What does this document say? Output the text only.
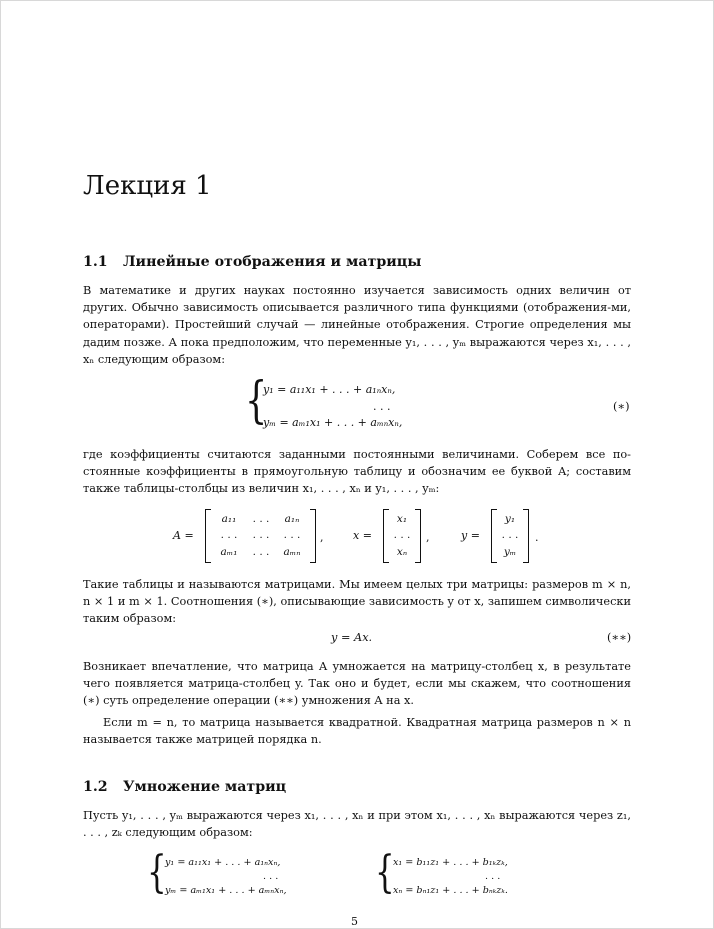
Лекция 1
1.1 Линейные отображения и матрицы

В математике и других науках постоянно изучается зависимость одних величин от других. Обычно зависимость описывается различного типа функциями (отображения-ми, операторами). Простейший случай — линейные отображения. Строгие определения мы дадим позже. А пока предположим, что переменные y₁, . . . , yₘ выражаются через x₁, . . . , xₙ следующим образом:

{
y₁ = a₁₁x₁ + . . . + a₁ₙxₙ,
. . .
yₘ = aₘ₁x₁ + . . . + aₘₙxₙ,
(∗)

где коэффициенты считаются заданными постоянными величинами. Соберем все по-стоянные коэффициенты в прямоугольную таблицу и обозначим ее буквой A; составим также таблицы-столбцы из величин x₁, . . . , xₙ и y₁, . . . , yₘ:

A =
a₁₁	. . .	a₁ₙ
. . .	. . .	. . .
aₘ₁	. . .	aₘₙ
,	x =
x₁
. . .
xₙ
,	y =
y₁
. . .
yₘ
.

Такие таблицы и называются матрицами. Мы имеем целых три матрицы: размеров m × n, n × 1 и m × 1. Соотношения (∗), описывающие зависимость y от x, запишем символически таким образом:

y = Ax.	(∗∗)

Возникает впечатление, что матрица A умножается на матрицу-столбец x, в результате чего появляется матрица-столбец y. Так оно и будет, если мы скажем, что соотношения (∗) суть определение операции (∗∗) умножения A на x.

Если m = n, то матрица называется квадратной. Квадратная матрица размеров n × n называется также матрицей порядка n.

1.2 Умножение матриц

Пусть y₁, . . . , yₘ выражаются через x₁, . . . , xₙ и при этом x₁, . . . , xₙ выражаются через z₁, . . . , zₖ следующим образом:

{
y₁ = a₁₁x₁ + . . . + a₁ₙxₙ,
. . .
yₘ = aₘ₁x₁ + . . . + aₘₙxₙ, {
x₁ = b₁₁z₁ + . . . + b₁ₖzₖ,
. . .
xₙ = bₙ₁z₁ + . . . + bₙₖzₖ.
5
